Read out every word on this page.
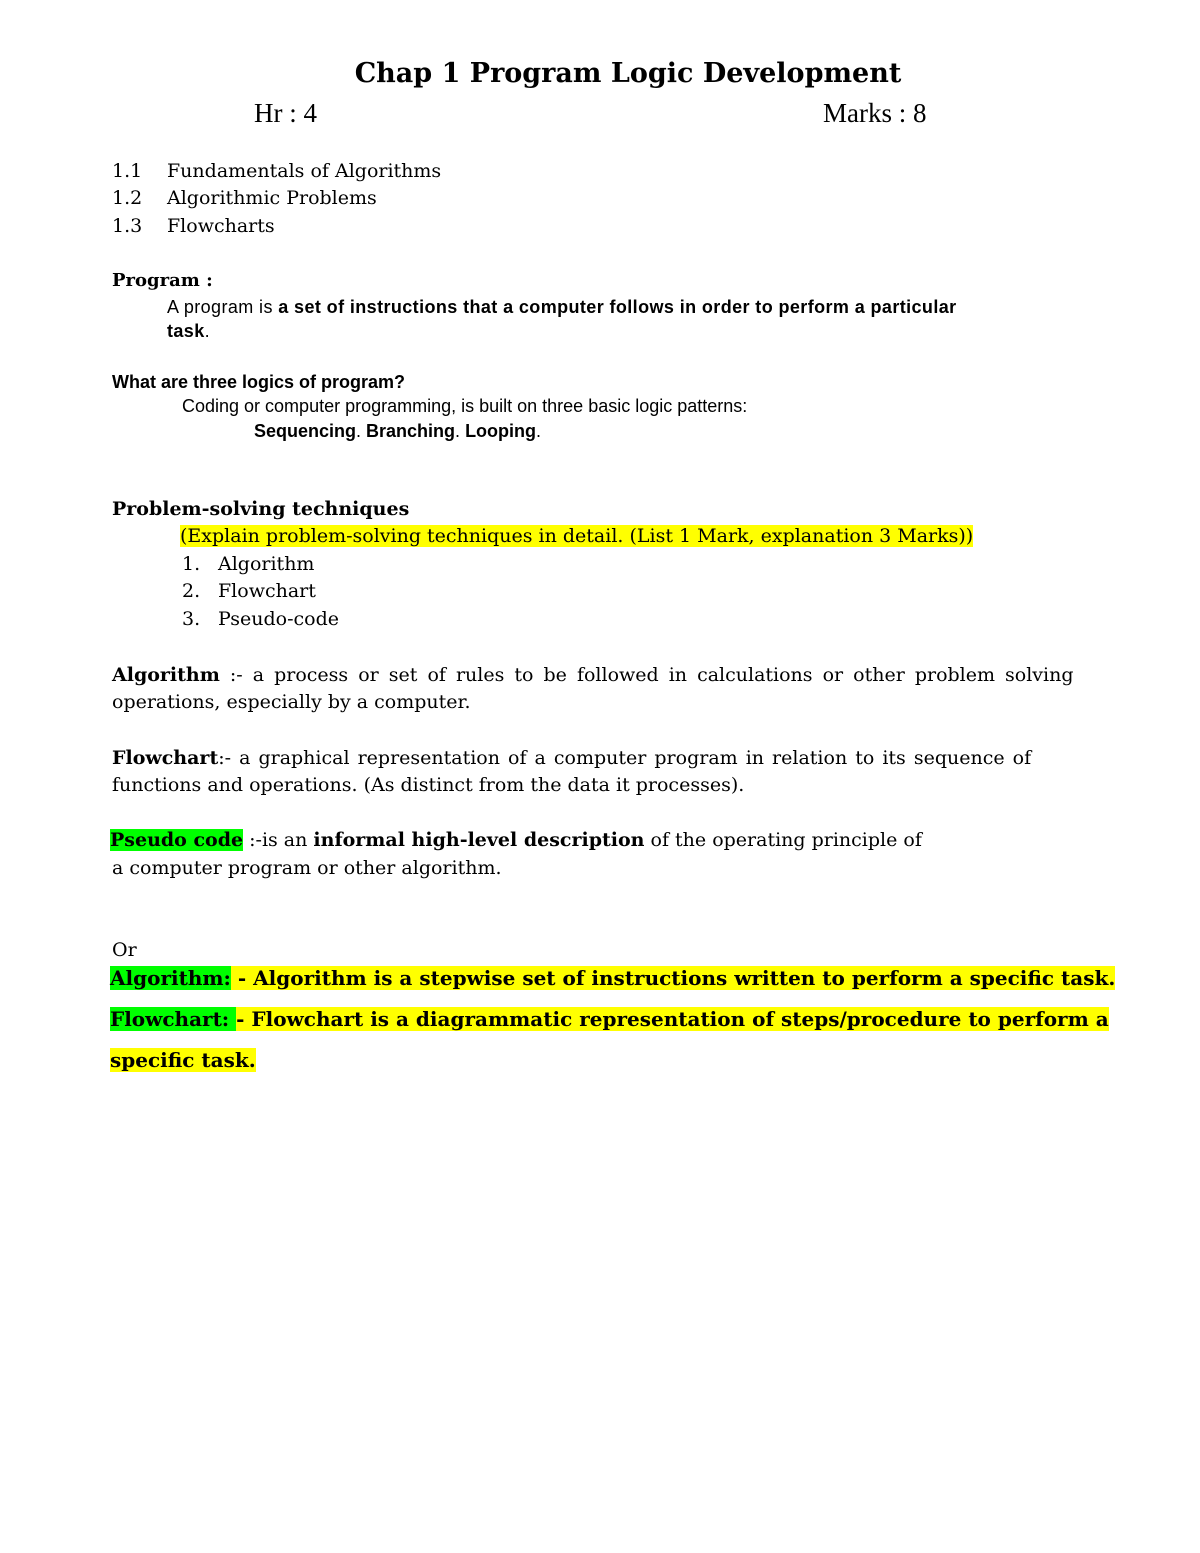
Chap 1 Program Logic Development
Hr : 4	Marks : 8
1.1 Fundamentals of Algorithms
1.2 Algorithmic Problems
1.3 Flowcharts
Program :
A program is a set of instructions that a computer follows in order to perform a particular
task.
What are three logics of program?
Coding or computer programming, is built on three basic logic patterns:
Sequencing. Branching. Looping.
Problem-solving techniques
(Explain problem-solving techniques in detail. (List 1 Mark, explanation 3 Marks))
1. Algorithm
2. Flowchart
3. Pseudo-code
Algorithm :- a process or set of rules to be followed in calculations or other problem solving
operations, especially by a computer.
Flowchart:- a graphical representation of a computer program in relation to its sequence of
functions and operations. (As distinct from the data it processes).
Pseudo code :-is an informal high-level description of the operating principle of
a computer program or other algorithm.
Or
Algorithm: - Algorithm is a stepwise set of instructions written to perform a specific task.
Flowchart: - Flowchart is a diagrammatic representation of steps/procedure to perform a
specific task.
